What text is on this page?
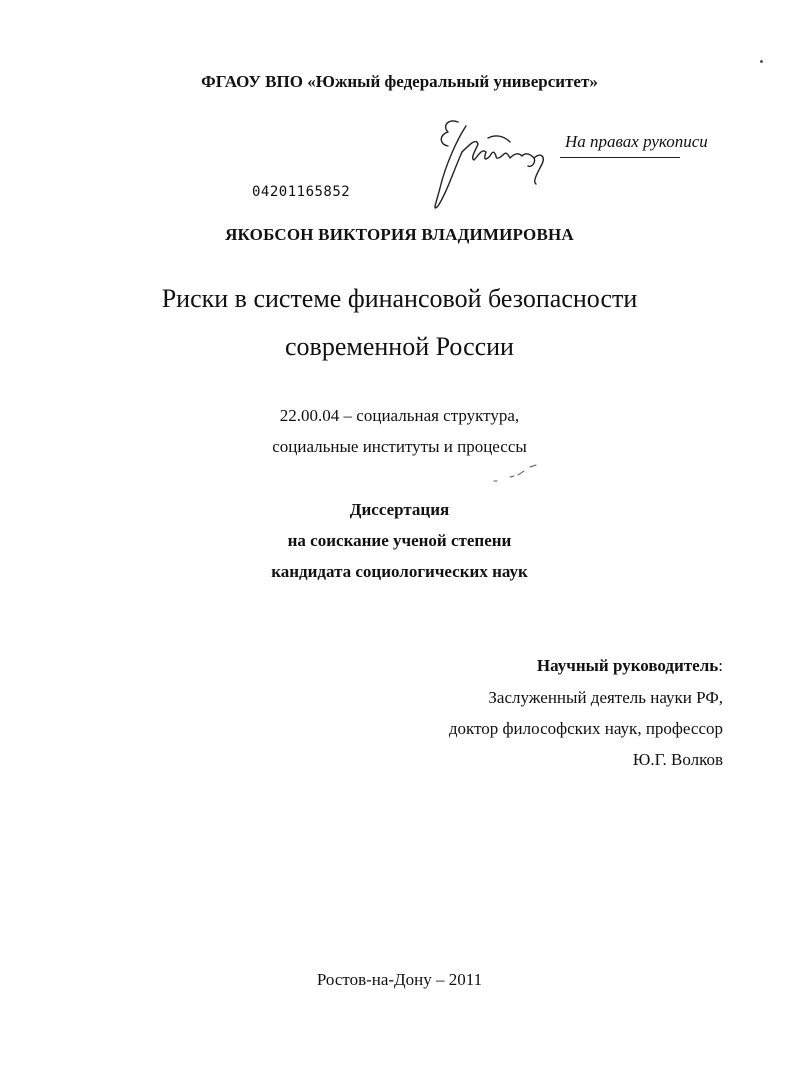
ФГАОУ ВПО «Южный федеральный университет»
На правах рукописи
04201165852
ЯКОБСОН ВИКТОРИЯ ВЛАДИМИРОВНА
Риски в системе финансовой безопасности
современной России
22.00.04 – социальная структура,
социальные институты и процессы
Диссертация
на соискание ученой степени
кандидата социологических наук
Научный руководитель:
Заслуженный деятель науки РФ,
доктор философских наук, профессор
Ю.Г. Волков
Ростов-на-Дону – 2011
